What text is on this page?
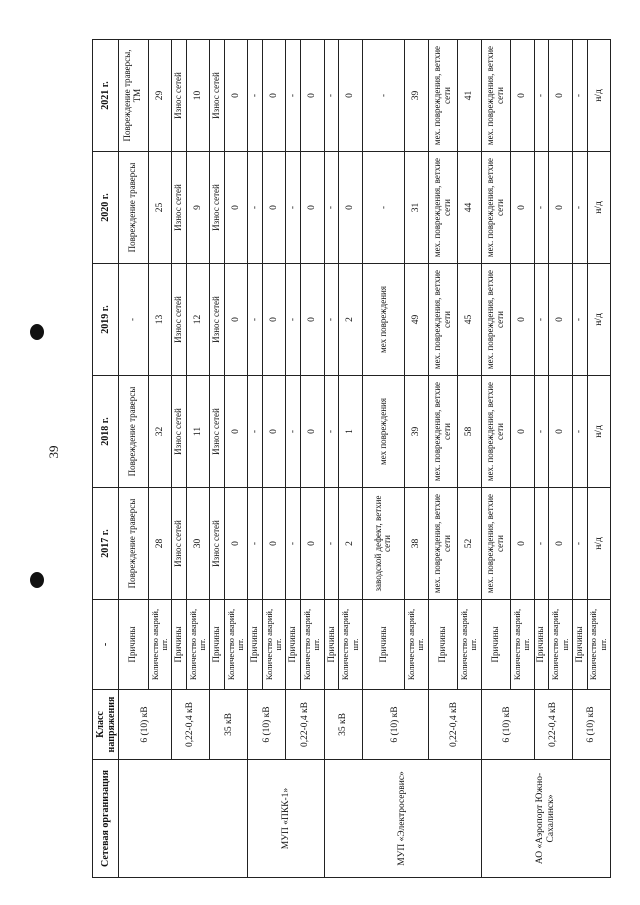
39
Сетевая организация	Класс напряжения	-	2017 г.	2018 г.	2019 г.	2020 г.	2021 г.
	6 (10) кВ	Причины	Повреждение траверсы	Повреждение траверсы	-	Повреждение траверсы	Повреждение траверсы, ТМ
		Количество аварий, шт.	28	32	13	25	29
	0,22-0,4 кВ	Причины	Износ сетей	Износ сетей	Износ сетей	Износ сетей	Износ сетей
		Количество аварий, шт.	30	11	12	9	10
	35 кВ	Причины	Износ сетей	Износ сетей	Износ сетей	Износ сетей	Износ сетей
		Количество аварий, шт.	0	0	0	0	0
МУП «ПКК-1»	6 (10) кВ	Причины	-	-	-	-	-
		Количество аварий, шт.	0	0	0	0	0
	0,22-0,4 кВ	Причины	-	-	-	-	-
		Количество аварий, шт.	0	0	0	0	0
МУП «Электросервис»	35 кВ	Причины	-	-	-	-	-
		Количество аварий, шт.	2	1	2	0	0
	6 (10) кВ	Причины	заводской дефект, ветхие сети	мех повреждения	мех повреждения	-	-
		Количество аварий, шт.	38	39	49	31	39
	0,22-0,4 кВ	Причины	мех. повреждения, ветхие сети	мех. повреждения, ветхие сети	мех. повреждения, ветхие сети	мех. повреждения, ветхие сети	мех. повреждения, ветхие сети
		Количество аварий, шт.	52	58	45	44	41
АО «Аэропорт Южно-Сахалинск»	6 (10) кВ	Причины	мех. повреждения, ветхие сети	мех. повреждения, ветхие сети	мех. повреждения, ветхие сети	мех. повреждения, ветхие сети	мех. повреждения, ветхие сети
		Количество аварий, шт.	0	0	0	0	0
	0,22-0,4 кВ	Причины	-	-	-	-	-
		Количество аварий, шт.	0	0	0	0	0
	6 (10) кВ	Причины	-	-	-	-	-
		Количество аварий, шт.	н/д	н/д	н/д	н/д	н/д
